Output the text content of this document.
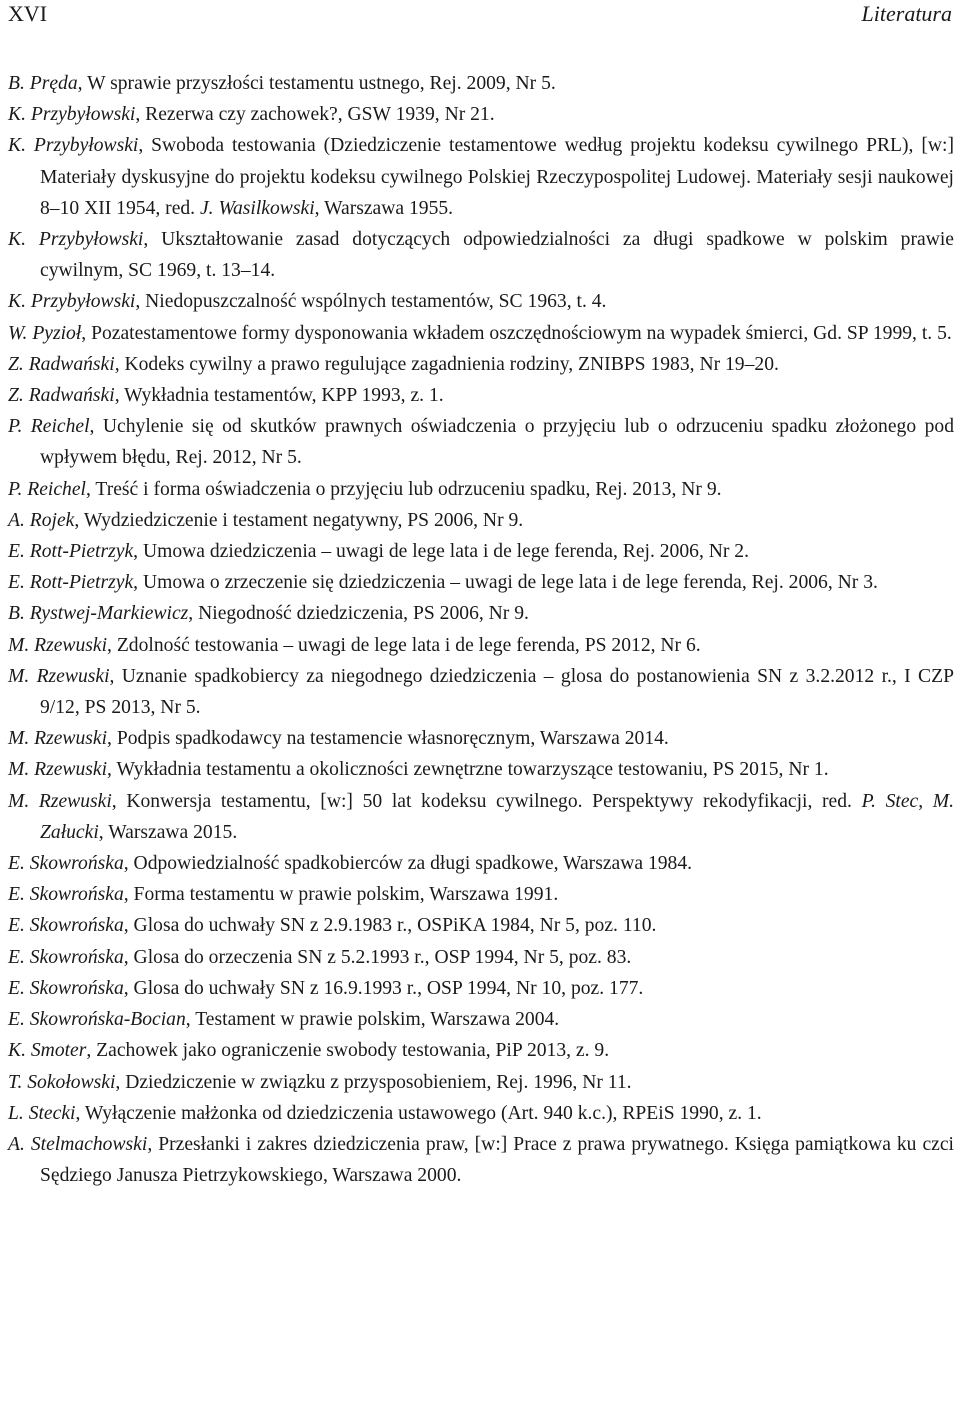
XVI	Literatura
B. Pręda, W sprawie przyszłości testamentu ustnego, Rej. 2009, Nr 5.
K. Przybyłowski, Rezerwa czy zachowek?, GSW 1939, Nr 21.
K. Przybyłowski, Swoboda testowania (Dziedziczenie testamentowe według projektu kodeksu cywilnego PRL), [w:] Materiały dyskusyjne do projektu kodeksu cywilnego Polskiej Rzeczypospolitej Ludowej. Materiały sesji naukowej 8–10 XII 1954, red. J. Wasilkowski, Warszawa 1955.
K. Przybyłowski, Ukształtowanie zasad dotyczących odpowiedzialności za długi spadkowe w polskim prawie cywilnym, SC 1969, t. 13–14.
K. Przybyłowski, Niedopuszczalność wspólnych testamentów, SC 1963, t. 4.
W. Pyzioł, Pozatestamentowe formy dysponowania wkładem oszczędnościowym na wypadek śmierci, Gd. SP 1999, t. 5.
Z. Radwański, Kodeks cywilny a prawo regulujące zagadnienia rodziny, ZNIBPS 1983, Nr 19–20.
Z. Radwański, Wykładnia testamentów, KPP 1993, z. 1.
P. Reichel, Uchylenie się od skutków prawnych oświadczenia o przyjęciu lub o odrzuceniu spadku złożonego pod wpływem błędu, Rej. 2012, Nr 5.
P. Reichel, Treść i forma oświadczenia o przyjęciu lub odrzuceniu spadku, Rej. 2013, Nr 9.
A. Rojek, Wydziedziczenie i testament negatywny, PS 2006, Nr 9.
E. Rott-Pietrzyk, Umowa dziedziczenia – uwagi de lege lata i de lege ferenda, Rej. 2006, Nr 2.
E. Rott-Pietrzyk, Umowa o zrzeczenie się dziedziczenia – uwagi de lege lata i de lege ferenda, Rej. 2006, Nr 3.
B. Rystwej-Markiewicz, Niegodność dziedziczenia, PS 2006, Nr 9.
M. Rzewuski, Zdolność testowania – uwagi de lege lata i de lege ferenda, PS 2012, Nr 6.
M. Rzewuski, Uznanie spadkobiercy za niegodnego dziedziczenia – glosa do postanowienia SN z 3.2.2012 r., I CZP 9/12, PS 2013, Nr 5.
M. Rzewuski, Podpis spadkodawcy na testamencie własnoręcznym, Warszawa 2014.
M. Rzewuski, Wykładnia testamentu a okoliczności zewnętrzne towarzyszące testowaniu, PS 2015, Nr 1.
M. Rzewuski, Konwersja testamentu, [w:] 50 lat kodeksu cywilnego. Perspektywy rekodyfikacji, red. P. Stec, M. Załucki, Warszawa 2015.
E. Skowrońska, Odpowiedzialność spadkobierców za długi spadkowe, Warszawa 1984.
E. Skowrońska, Forma testamentu w prawie polskim, Warszawa 1991.
E. Skowrońska, Glosa do uchwały SN z 2.9.1983 r., OSPiKA 1984, Nr 5, poz. 110.
E. Skowrońska, Glosa do orzeczenia SN z 5.2.1993 r., OSP 1994, Nr 5, poz. 83.
E. Skowrońska, Glosa do uchwały SN z 16.9.1993 r., OSP 1994, Nr 10, poz. 177.
E. Skowrońska-Bocian, Testament w prawie polskim, Warszawa 2004.
K. Smoter, Zachowek jako ograniczenie swobody testowania, PiP 2013, z. 9.
T. Sokołowski, Dziedziczenie w związku z przysposobieniem, Rej. 1996, Nr 11.
L. Stecki, Wyłączenie małżonka od dziedziczenia ustawowego (Art. 940 k.c.), RPEiS 1990, z. 1.
A. Stelmachowski, Przesłanki i zakres dziedziczenia praw, [w:] Prace z prawa prywatnego. Księga pamiątkowa ku czci Sędziego Janusza Pietrzykowskiego, Warszawa 2000.
